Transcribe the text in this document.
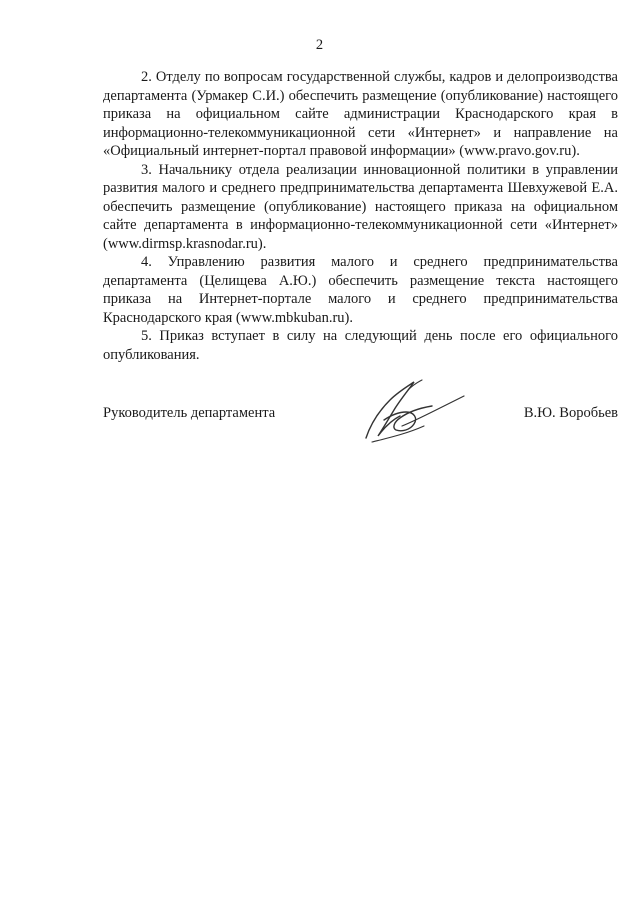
2

2. Отделу по вопросам государственной службы, кадров и делопроизводства департамента (Урмакер С.И.) обеспечить размещение (опубликование) настоящего приказа на официальном сайте администрации Краснодарского края в информационно-телекоммуникационной сети «Интернет» и направление на «Официальный интернет-портал правовой информации» (www.pravo.gov.ru).

3. Начальнику отдела реализации инновационной политики в управлении развития малого и среднего предпринимательства департамента Шевхужевой Е.А. обеспечить размещение (опубликование) настоящего приказа на официальном сайте департамента в информационно-телекоммуникационной сети «Интернет» (www.dirmsp.krasnodar.ru).

4. Управлению развития малого и среднего предпринимательства департамента (Целищева А.Ю.) обеспечить размещение текста настоящего приказа на Интернет-портале малого и среднего предпринимательства Краснодарского края (www.mbkuban.ru).

5. Приказ вступает в силу на следующий день после его официального опубликования.

Руководитель департамента	В.Ю. Воробьев
